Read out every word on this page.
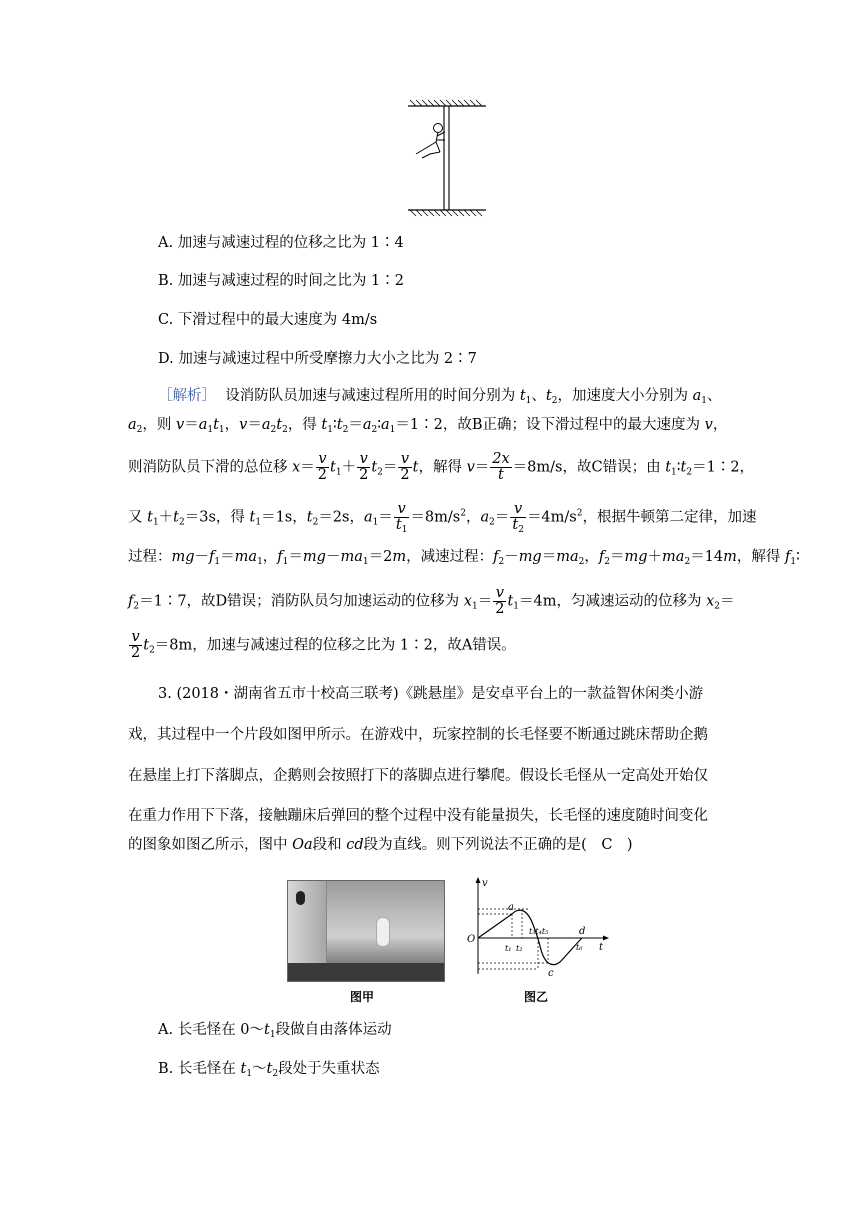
A. 加速与减速过程的位移之比为 1∶4
B. 加速与减速过程的时间之比为 1∶2
C. 下滑过程中的最大速度为 4m/s
D. 加速与减速过程中所受摩擦力大小之比为 2∶7
［解析］ 设消防队员加速与减速过程所用的时间分别为 $t_1$、$t_2$，加速度大小分别为 $a_1$、
$a_2$，则 $v=a_1t_1$，$v=a_2t_2$，得 $t_1∶t_2=a_2∶a_1=1∶2$，故B正确；设下滑过程中的最大速度为 v，
则消防队员下滑的总位移 $x= \frac{v}{2} t_1+ \frac{v}{2} t_2= \frac{v}{2}$ t，解得 $v= \frac{2x}{t} =8m/s$，故C错误；由 $t_1∶t_2=1∶2$，
又 $t_1+t_2=3s$，得 $t_1=1s$，$t_2=2s$，$a_1= \frac{v}{t_1} =8m/s^2$，$a_2= \frac{v}{t_2} =4m/s^2$，根据牛顿第二定律，加速
过程：$mg-f_1=ma_1$，$f_1=mg-ma_1=2m$，减速过程：$f_2-mg=ma_2$，$f_2=mg+ma_2=14m$，解得 $f_1∶$
$f_2=1∶7$，故D错误；消防队员匀加速运动的位移为 $x_1= \frac{v}{2} t_1=4m$，匀减速运动的位移为 $x_2=$
$\frac{v}{2} t_2=8m$，加速与减速过程的位移之比为 1∶2，故A错误。
3. (2018・湖南省五市十校高三联考)《跳悬崖》是安卓平台上的一款益智休闲类小游
戏，其过程中一个片段如图甲所示。在游戏中，玩家控制的长毛怪要不断通过跳床帮助企鹅
在悬崖上打下落脚点，企鹅则会按照打下的落脚点进行攀爬。假设长毛怪从一定高处开始仅
在重力作用下下落，接触蹦床后弹回的整个过程中没有能量损失，长毛怪的速度随时间变化
的图象如图乙所示，图中 Oa段和 cd段为直线。则下列说法不正确的是(　C　)
图甲
v
t
O
a
c
d
t₁ t₂
t₃t₄t₅
t₆
图乙
A. 长毛怪在 $0\sim t_1$段做自由落体运动
B. 长毛怪在 $t_1\sim t_2$段处于失重状态
